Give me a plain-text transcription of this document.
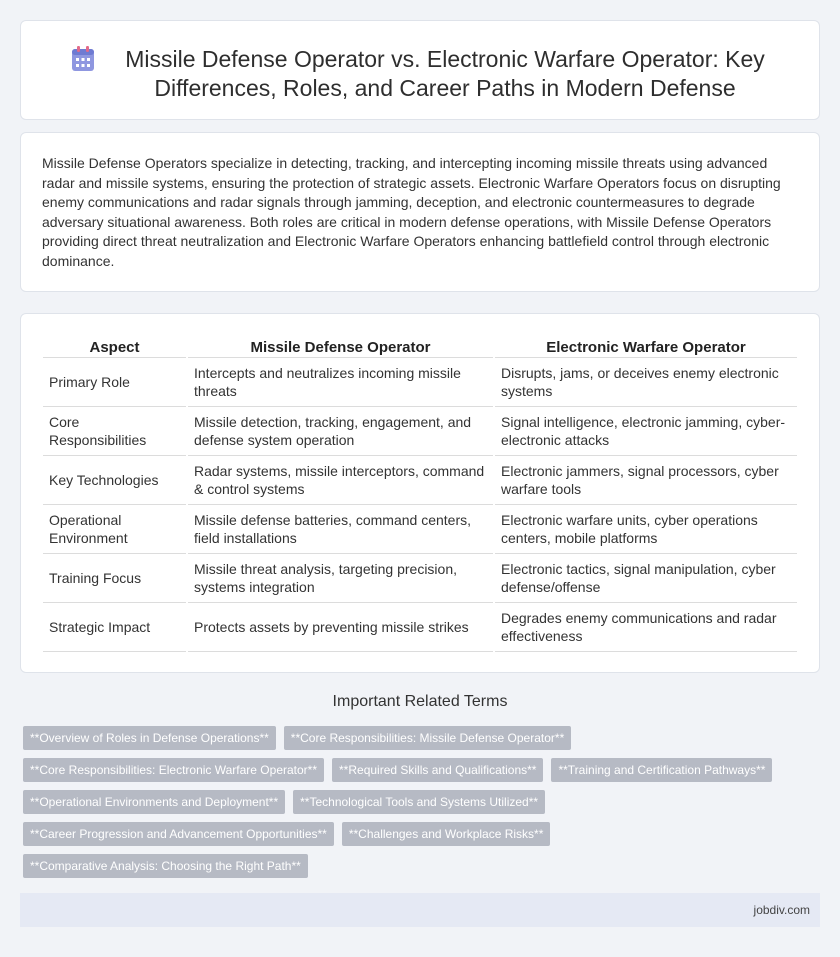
Missile Defense Operator vs. Electronic Warfare Operator: Key Differences, Roles, and Career Paths in Modern Defense

Missile Defense Operators specialize in detecting, tracking, and intercepting incoming missile threats using advanced radar and missile systems, ensuring the protection of strategic assets. Electronic Warfare Operators focus on disrupting enemy communications and radar signals through jamming, deception, and electronic countermeasures to degrade adversary situational awareness. Both roles are critical in modern defense operations, with Missile Defense Operators providing direct threat neutralization and Electronic Warfare Operators enhancing battlefield control through electronic dominance.

Aspect	Missile Defense Operator	Electronic Warfare Operator
Primary Role	Intercepts and neutralizes incoming missile threats	Disrupts, jams, or deceives enemy electronic systems
Core Responsibilities	Missile detection, tracking, engagement, and defense system operation	Signal intelligence, electronic jamming, cyber-electronic attacks
Key Technologies	Radar systems, missile interceptors, command & control systems	Electronic jammers, signal processors, cyber warfare tools
Operational Environment	Missile defense batteries, command centers, field installations	Electronic warfare units, cyber operations centers, mobile platforms
Training Focus	Missile threat analysis, targeting precision, systems integration	Electronic tactics, signal manipulation, cyber defense/offense
Strategic Impact	Protects assets by preventing missile strikes	Degrades enemy communications and radar effectiveness
Important Related Terms
**Overview of Roles in Defense Operations**	**Core Responsibilities: Missile Defense Operator**
**Core Responsibilities: Electronic Warfare Operator**	**Required Skills and Qualifications**	**Training and Certification Pathways**
**Operational Environments and Deployment**	**Technological Tools and Systems Utilized**
**Career Progression and Advancement Opportunities**	**Challenges and Workplace Risks**
**Comparative Analysis: Choosing the Right Path**
jobdiv.com
